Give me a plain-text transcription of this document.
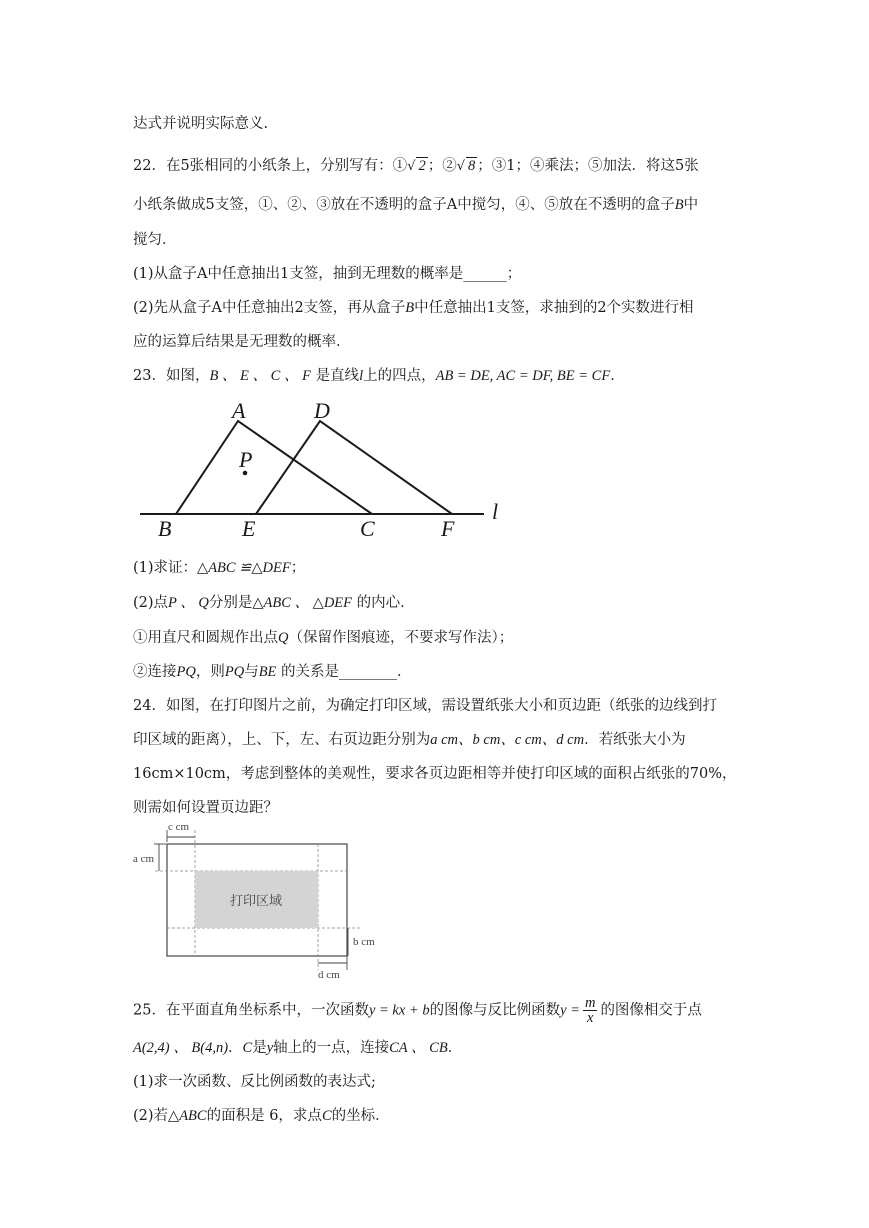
达式并说明实际意义.
22．在5张相同的小纸条上，分别写有：①√ 2 ；②√ 8 ；③1；④乘法；⑤加法．将这5张
小纸条做成5支签，①、②、③放在不透明的盒子A中搅匀，④、⑤放在不透明的盒子B中
搅匀．
(1)从盒子A中任意抽出1支签，抽到无理数的概率是______；
(2)先从盒子A中任意抽出2支签，再从盒子B中任意抽出1支签，求抽到的2个实数进行相
应的运算后结果是无理数的概率．
23．如图，B 、 E 、 C 、 F 是直线l上的四点，AB = DE, AC = DF, BE = CF．
A	D
P
B	E	C	F
l
(1)求证：△ABC ≌△DEF；
(2)点P 、 Q分别是△ABC 、 △DEF 的内心．
①用直尺和圆规作出点Q（保留作图痕迹，不要求写作法）；
②连接PQ，则PQ与BE 的关系是________．
24．如图，在打印图片之前，为确定打印区域，需设置纸张大小和页边距（纸张的边线到打
印区域的距离），上、下，左、右页边距分别为a cm、b cm、c cm、d cm．若纸张大小为
16cm×10cm，考虑到整体的美观性，要求各页边距相等并使打印区域的面积占纸张的70%，
则需如何设置页边距？
c cm
a cm
b cm
d cm
打印区域
25．在平面直角坐标系中，一次函数y = kx + b的图像与反比例函数$y = \frac{m}{x}$ 的图像相交于点
A(2,4) 、 B(4,n)．C是y轴上的一点，连接CA 、 CB．
(1)求一次函数、反比例函数的表达式;
(2)若△ABC的面积是 6，求点C的坐标．
